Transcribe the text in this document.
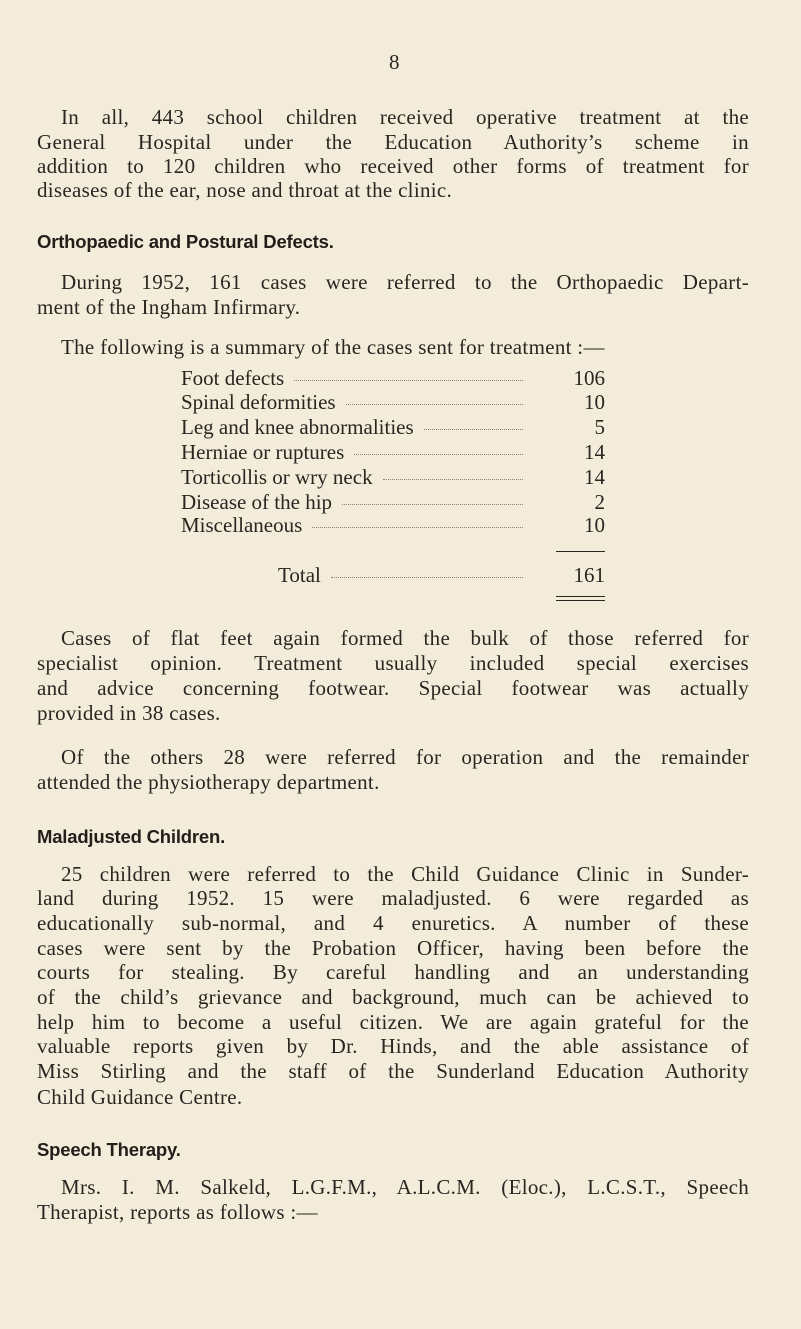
8
In all, 443 school children received operative treatment at the
General Hospital under the Education Authority’s scheme in
addition to 120 children who received other forms of treatment for
diseases of the ear, nose and throat at the clinic.
Orthopaedic and Postural Defects.
During 1952, 161 cases were referred to the Orthopaedic Depart-
ment of the Ingham Infirmary.
The following is a summary of the cases sent for treatment :—
Foot defects	106
Spinal deformities	10
Leg and knee abnormalities	5
Herniae or ruptures	14
Torticollis or wry neck	14
Disease of the hip	2
Miscellaneous	10
Total	161
Cases of flat feet again formed the bulk of those referred for
specialist opinion. Treatment usually included special exercises
and advice concerning footwear. Special footwear was actually
provided in 38 cases.
Of the others 28 were referred for operation and the remainder
attended the physiotherapy department.
Maladjusted Children.
25 children were referred to the Child Guidance Clinic in Sunder-
land during 1952. 15 were maladjusted. 6 were regarded as
educationally sub-normal, and 4 enuretics. A number of these
cases were sent by the Probation Officer, having been before the
courts for stealing. By careful handling and an understanding
of the child’s grievance and background, much can be achieved to
help him to become a useful citizen. We are again grateful for the
valuable reports given by Dr. Hinds, and the able assistance of
Miss Stirling and the staff of the Sunderland Education Authority
Child Guidance Centre.
Speech Therapy.
Mrs. I. M. Salkeld, L.G.F.M., A.L.C.M. (Eloc.), L.C.S.T., Speech
Therapist, reports as follows :—
